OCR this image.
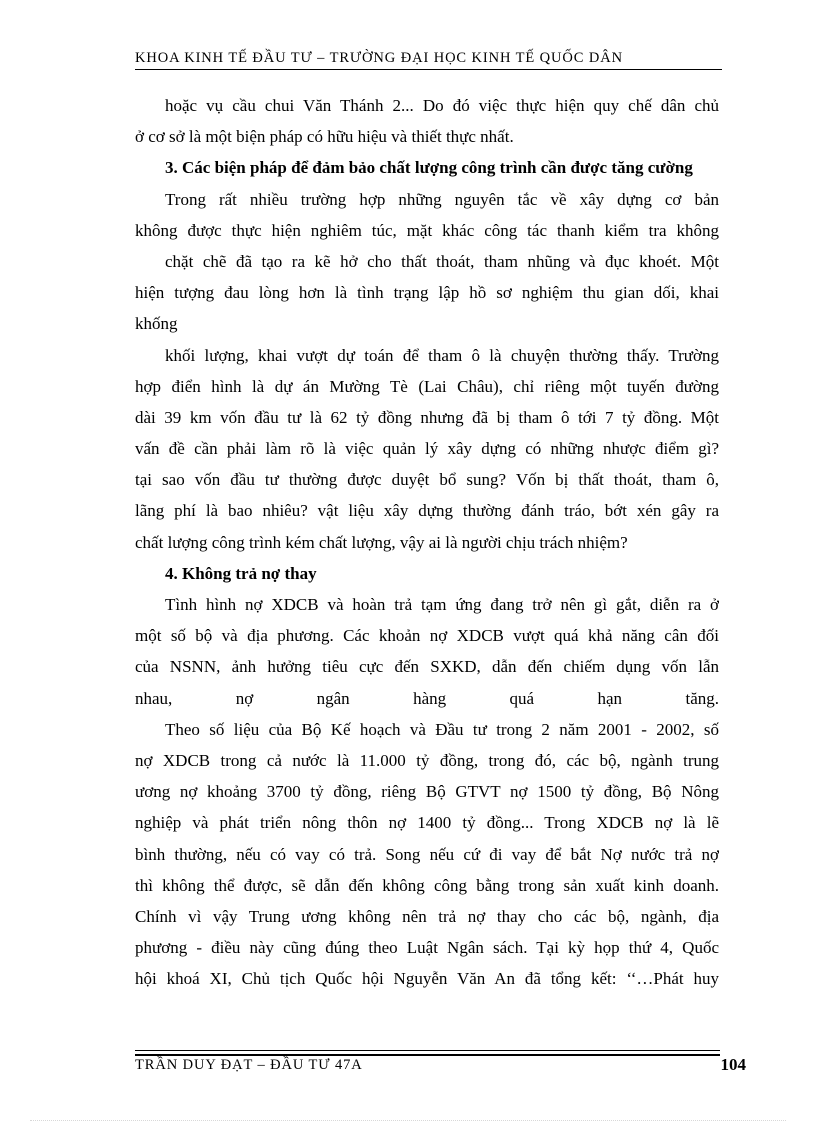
KHOA KINH TẾ ĐẦU TƯ – TRƯỜNG ĐẠI HỌC KINH TẾ QUỐC DÂN
hoặc vụ cầu chui Văn Thánh 2... Do đó việc thực hiện quy chế dân chủ
ở cơ sở là một biện pháp có hữu hiệu và thiết thực nhất.
3. Các biện pháp để đảm bảo chất lượng công trình cần được tăng cường
Trong rất nhiều trường hợp những nguyên tắc về xây dựng cơ bản
không được thực hiện nghiêm túc, mặt khác công tác thanh kiểm tra không
chặt chẽ đã tạo ra kẽ hở cho thất thoát, tham nhũng và đục khoét. Một
hiện tượng đau lòng hơn là tình trạng lập hồ sơ nghiệm thu gian dối, khai
khống
khối lượng, khai vượt dự toán để tham ô là chuyện thường thấy. Trường
hợp điển hình là dự án Mường Tè (Lai Châu), chỉ riêng một tuyến đường
dài 39 km vốn đầu tư là 62 tỷ đồng nhưng đã bị tham ô tới 7 tỷ đồng. Một
vấn đề cần phải làm rõ là việc quản lý xây dựng có những nhược điểm gì?
tại sao vốn đầu tư thường được duyệt bổ sung? Vốn bị thất thoát, tham ô,
lãng phí là bao nhiêu? vật liệu xây dựng thường đánh tráo, bớt xén gây ra
chất lượng công trình kém chất lượng, vậy ai là người chịu trách nhiệm?
4. Không trả nợ thay
Tình hình nợ XDCB và hoàn trả tạm ứng đang trở nên gì gắt, diễn ra ở
một số bộ và địa phương. Các khoản nợ XDCB vượt quá khả năng cân đối
của NSNN, ảnh hưởng tiêu cực đến SXKD, dẫn đến chiếm dụng vốn lẫn
nhau, nợ ngân hàng quá hạn tăng.
Theo số liệu của Bộ Kế hoạch và Đầu tư trong 2 năm 2001 - 2002, số
nợ XDCB trong cả nước là 11.000 tỷ đồng, trong đó, các bộ, ngành trung
ương nợ khoảng 3700 tỷ đồng, riêng Bộ GTVT nợ 1500 tỷ đồng, Bộ Nông
nghiệp và phát triển nông thôn nợ 1400 tỷ đồng... Trong XDCB nợ là lẽ
bình thường, nếu có vay có trả. Song nếu cứ đi vay để bắt Nợ nước trả nợ
thì không thể được, sẽ dẫn đến không công bằng trong sản xuất kinh doanh.
Chính vì vậy Trung ương không nên trả nợ thay cho các bộ, ngành, địa
phương - điều này cũng đúng theo Luật Ngân sách. Tại kỳ họp thứ 4, Quốc
hội khoá XI, Chủ tịch Quốc hội Nguyễn Văn An đã tổng kết: ‘‘…Phát huy
TRẦN DUY ĐẠT – ĐẦU TƯ 47A	104
